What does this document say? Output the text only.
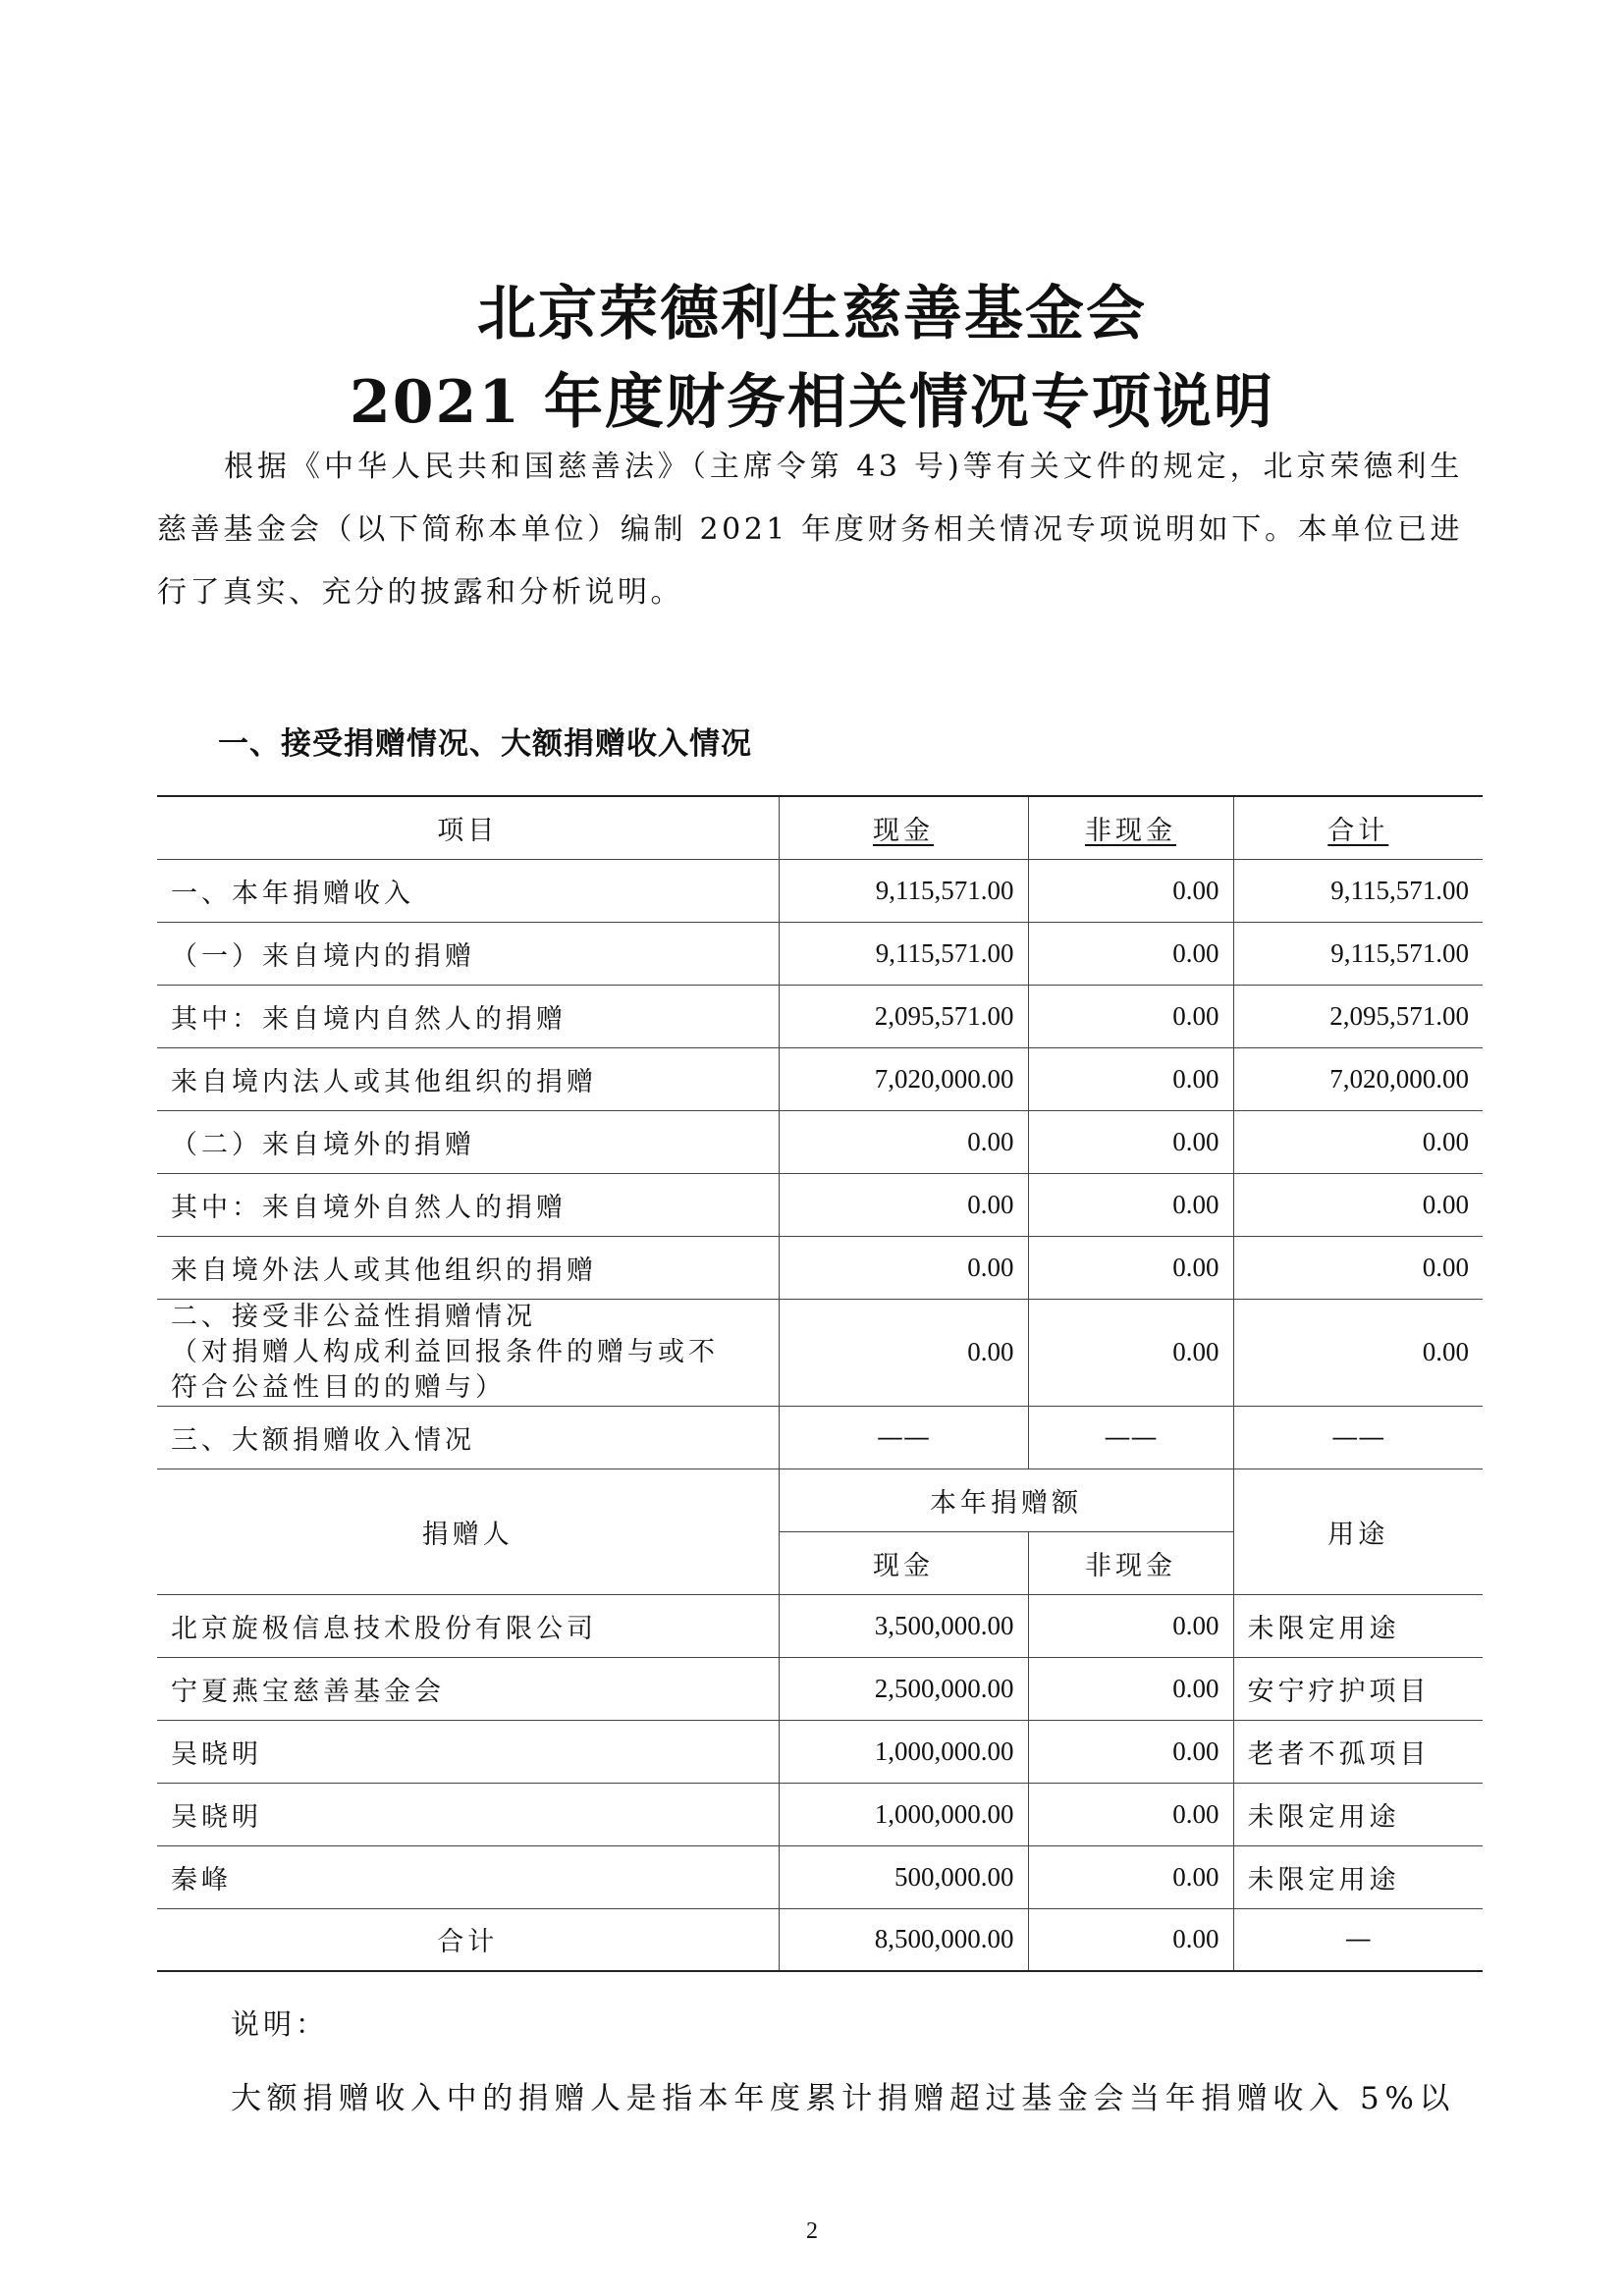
北京荣德利生慈善基金会
2021 年度财务相关情况专项说明
根据《中华人民共和国慈善法》（主席令第 43 号)等有关文件的规定，北京荣德利生慈善基金会（以下简称本单位）编制 2021 年度财务相关情况专项说明如下。本单位已进行了真实、充分的披露和分析说明。
一、接受捐赠情况、大额捐赠收入情况
项目	现金	非现金	合计
一、本年捐赠收入	9,115,571.00	0.00	9,115,571.00
（一）来自境内的捐赠	9,115,571.00	0.00	9,115,571.00
其中：来自境内自然人的捐赠	2,095,571.00	0.00	2,095,571.00
来自境内法人或其他组织的捐赠	7,020,000.00	0.00	7,020,000.00
（二）来自境外的捐赠	0.00	0.00	0.00
其中：来自境外自然人的捐赠	0.00	0.00	0.00
来自境外法人或其他组织的捐赠	0.00	0.00	0.00

二、接受非公益性捐赠情况
（对捐赠人构成利益回报条件的赠与或不
符合公益性目的的赠与）	0.00	0.00	0.00
三、大额捐赠收入情况	——	——	——
捐赠人	本年捐赠额		用途
	现金	非现金	
北京旋极信息技术股份有限公司	3,500,000.00	0.00	未限定用途
宁夏燕宝慈善基金会	2,500,000.00	0.00	安宁疗护项目
吴晓明	1,000,000.00	0.00	老者不孤项目
吴晓明	1,000,000.00	0.00	未限定用途
秦峰	500,000.00	0.00	未限定用途
合计	8,500,000.00	0.00	—
说明：
大额捐赠收入中的捐赠人是指本年度累计捐赠超过基金会当年捐赠收入 5%以
2
